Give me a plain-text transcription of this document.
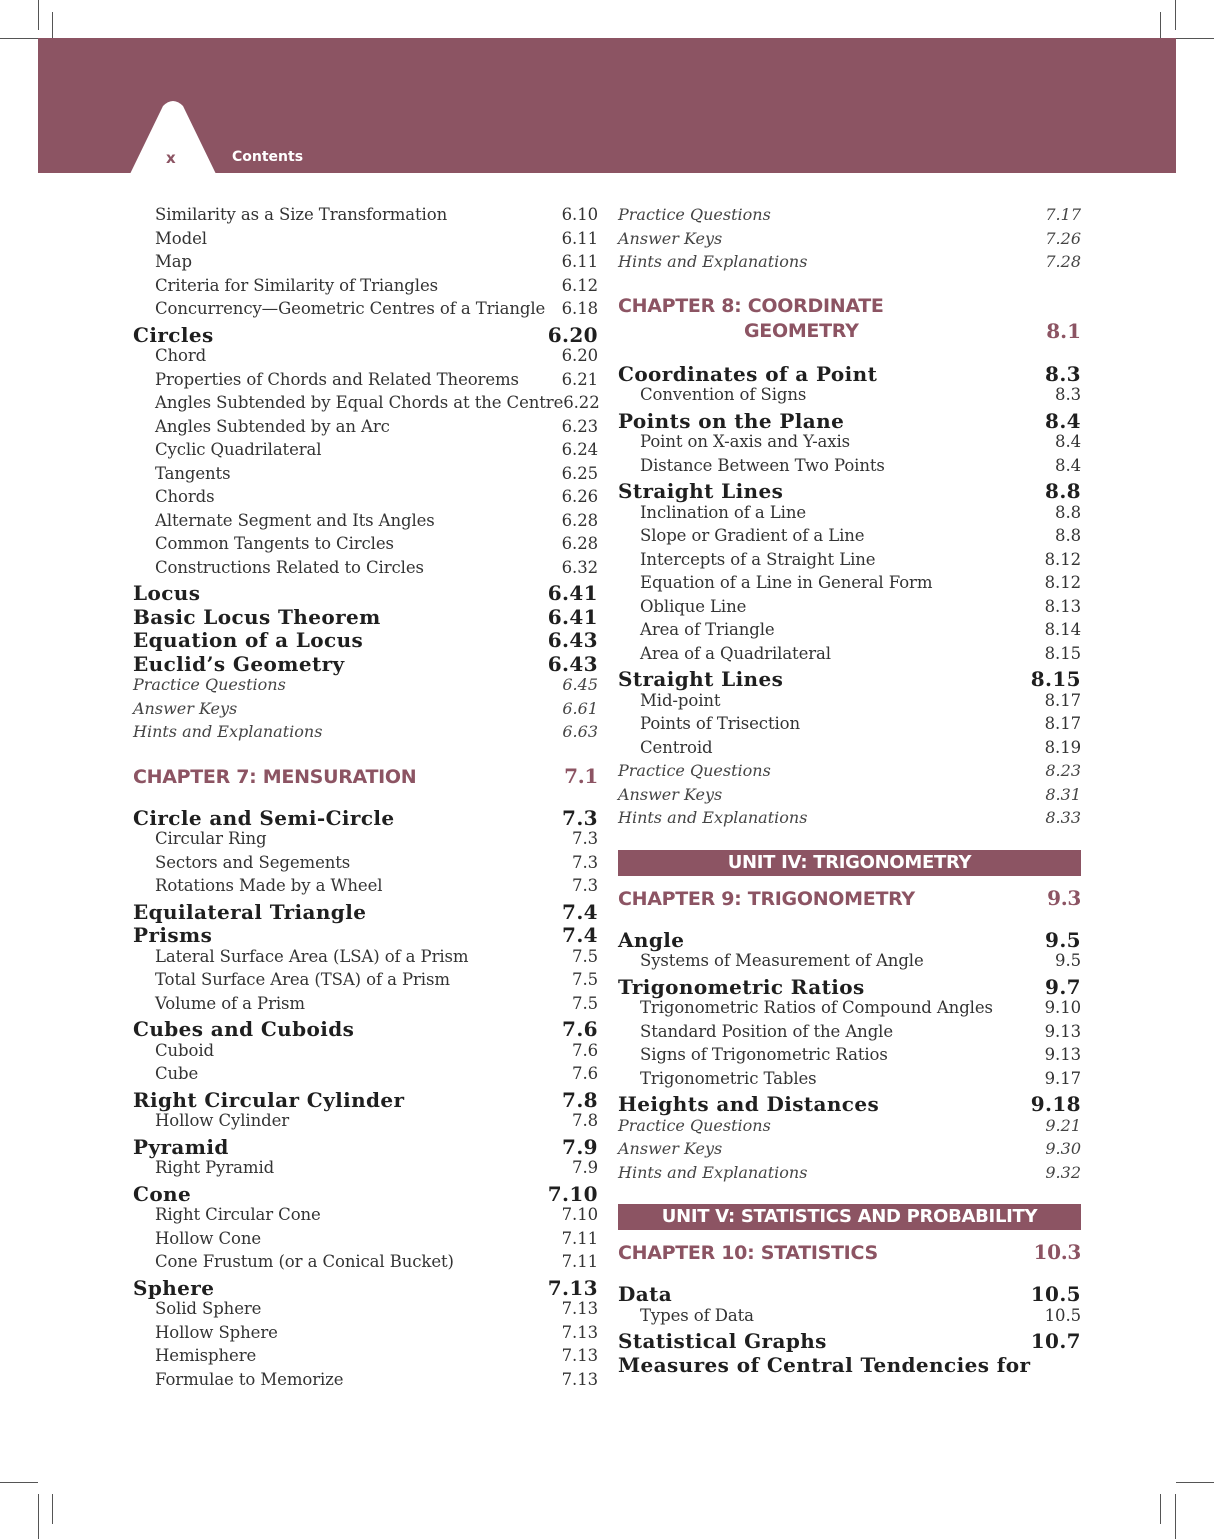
x	Contents
Similarity as a Size Transformation	6.10
Model	6.11
Map	6.11
Criteria for Similarity of Triangles	6.12
Concurrency—Geometric Centres of a Triangle 6.18
Circles	6.20
Chord	6.20
Properties of Chords and Related Theorems	6.21
Angles Subtended by Equal Chords at the Centre 6.22
Angles Subtended by an Arc	6.23
Cyclic Quadrilateral	6.24
Tangents	6.25
Chords	6.26
Alternate Segment and Its Angles	6.28
Common Tangents to Circles	6.28
Constructions Related to Circles	6.32
Locus	6.41
Basic Locus Theorem	6.41
Equation of a Locus	6.43
Euclid’s Geometry	6.43
Practice Questions	6.45
Answer Keys	6.61
Hints and Explanations	6.63
CHAPTER 7: MENSURATION	7.1
Circle and Semi-Circle	7.3
Circular Ring	7.3
Sectors and Segements	7.3
Rotations Made by a Wheel	7.3
Equilateral Triangle	7.4
Prisms	7.4
Lateral Surface Area (LSA) of a Prism	7.5
Total Surface Area (TSA) of a Prism	7.5
Volume of a Prism	7.5
Cubes and Cuboids	7.6
Cuboid	7.6
Cube	7.6
Right Circular Cylinder	7.8
Hollow Cylinder	7.8
Pyramid	7.9
Right Pyramid	7.9
Cone	7.10
Right Circular Cone	7.10
Hollow Cone	7.11
Cone Frustum (or a Conical Bucket)	7.11
Sphere	7.13
Solid Sphere	7.13
Hollow Sphere	7.13
Hemisphere	7.13
Formulae to Memorize	7.13
Practice Questions	7.17
Answer Keys	7.26
Hints and Explanations	7.28
CHAPTER 8: COORDINATE
GEOMETRY	8.1
Coordinates of a Point	8.3
Convention of Signs	8.3
Points on the Plane	8.4
Point on X-axis and Y-axis	8.4
Distance Between Two Points	8.4
Straight Lines	8.8
Inclination of a Line	8.8
Slope or Gradient of a Line	8.8
Intercepts of a Straight Line	8.12
Equation of a Line in General Form	8.12
Oblique Line	8.13
Area of Triangle	8.14
Area of a Quadrilateral	8.15
Straight Lines	8.15
Mid-point	8.17
Points of Trisection	8.17
Centroid	8.19
Practice Questions	8.23
Answer Keys	8.31
Hints and Explanations	8.33
UNIT IV: TRIGONOMETRY
CHAPTER 9: TRIGONOMETRY	9.3
Angle	9.5
Systems of Measurement of Angle	9.5
Trigonometric Ratios	9.7
Trigonometric Ratios of Compound Angles	9.10
Standard Position of the Angle	9.13
Signs of Trigonometric Ratios	9.13
Trigonometric Tables	9.17
Heights and Distances	9.18
Practice Questions	9.21
Answer Keys	9.30
Hints and Explanations	9.32
UNIT V: STATISTICS AND PROBABILITY
CHAPTER 10: STATISTICS	10.3
Data	10.5
Types of Data	10.5
Statistical Graphs	10.7
Measures of Central Tendencies for
